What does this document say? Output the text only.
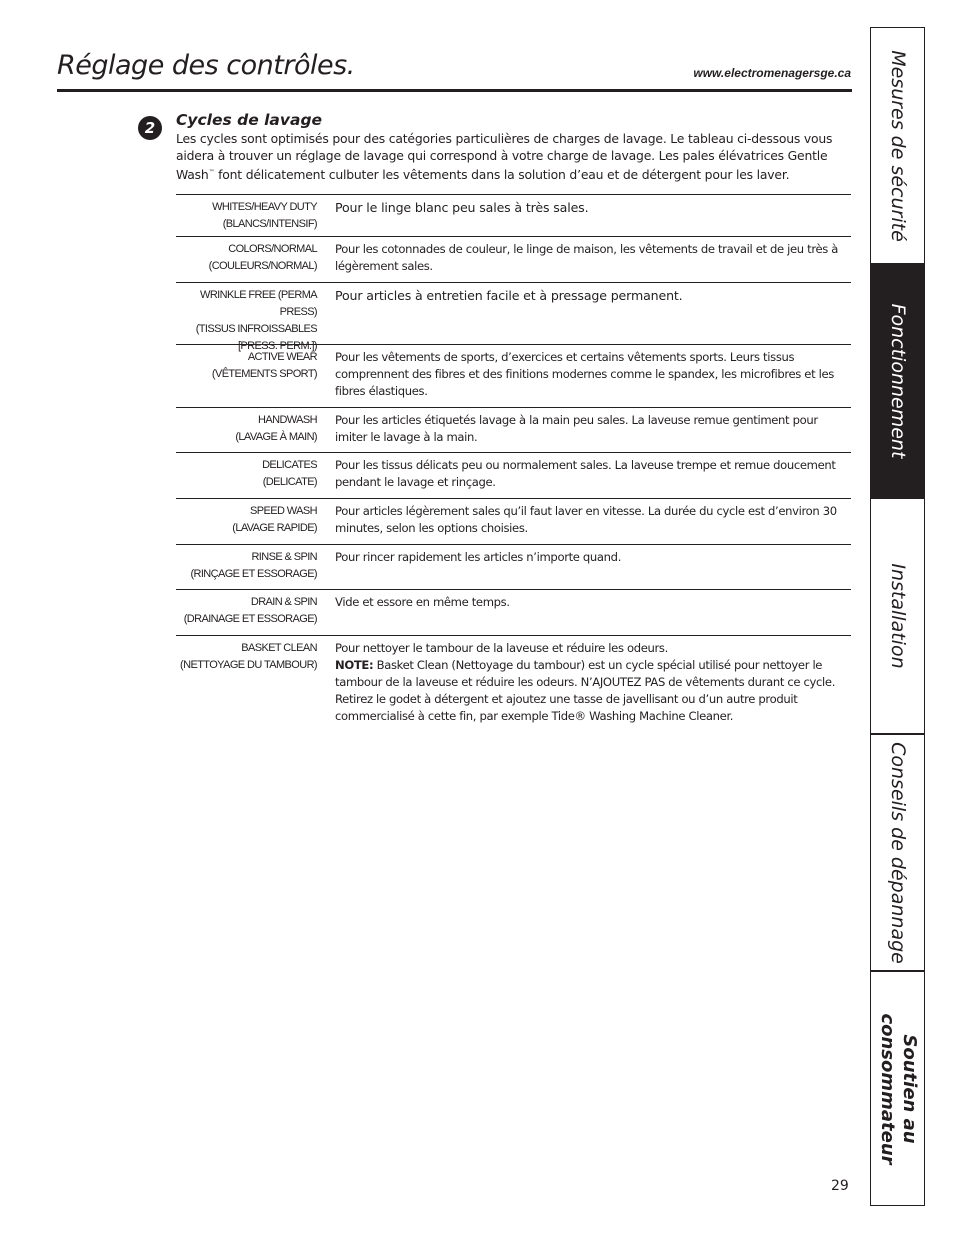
Réglage des contrôles.	www.electromenagersge.ca
2	Cycles de lavage

Les cycles sont optimisés pour des catégories particulières de charges de lavage. Le tableau ci-dessous vous aidera à trouver un réglage de lavage qui correspond à votre charge de lavage. Les pales élévatrices Gentle Wash™ font délicatement culbuter les vêtements dans la solution d’eau et de détergent pour les laver.

WHITES/HEAVY DUTY
(BLANCS/INTENSIF)
Pour le linge blanc peu sales à très sales.
COLORS/NORMAL
(COULEURS/NORMAL)
Pour les cotonnades de couleur, le linge de maison, les vêtements de travail et de jeu très à légèrement sales.
WRINKLE FREE (PERMA PRESS)
(TISSUS INFROISSABLES
[PRESS. PERM.])
Pour articles à entretien facile et à pressage permanent.
ACTIVE WEAR
(VÊTEMENTS SPORT)
Pour les vêtements de sports, d’exercices et certains vêtements sports. Leurs tissus comprennent des fibres et des finitions modernes comme le spandex, les microfibres et les fibres élastiques.
HANDWASH
(LAVAGE À MAIN)
Pour les articles étiquetés lavage à la main peu sales. La laveuse remue gentiment pour imiter le lavage à la main.
DELICATES
(DELICATE)
Pour les tissus délicats peu ou normalement sales. La laveuse trempe et remue doucement pendant le lavage et rinçage.
SPEED WASH
(LAVAGE RAPIDE)
Pour articles légèrement sales qu’il faut laver en vitesse. La durée du cycle est d’environ 30 minutes, selon les options choisies.
RINSE & SPIN
(RINÇAGE ET ESSORAGE)
Pour rincer rapidement les articles n’importe quand.
DRAIN & SPIN
(DRAINAGE ET ESSORAGE)
Vide et essore en même temps.
BASKET CLEAN
(NETTOYAGE DU TAMBOUR)
Pour nettoyer le tambour de la laveuse et réduire les odeurs.
NOTE: Basket Clean (Nettoyage du tambour) est un cycle spécial utilisé pour nettoyer le tambour de la laveuse et réduire les odeurs. N’AJOUTEZ PAS de vêtements durant ce cycle. Retirez le godet à détergent et ajoutez une tasse de javellisant ou d’un autre produit commercialisé à cette fin, par exemple Tide® Washing Machine Cleaner.
29
Mesures de sécurité
Fonctionnement
Installation
Conseils de dépannage
Soutien au
consommateur
